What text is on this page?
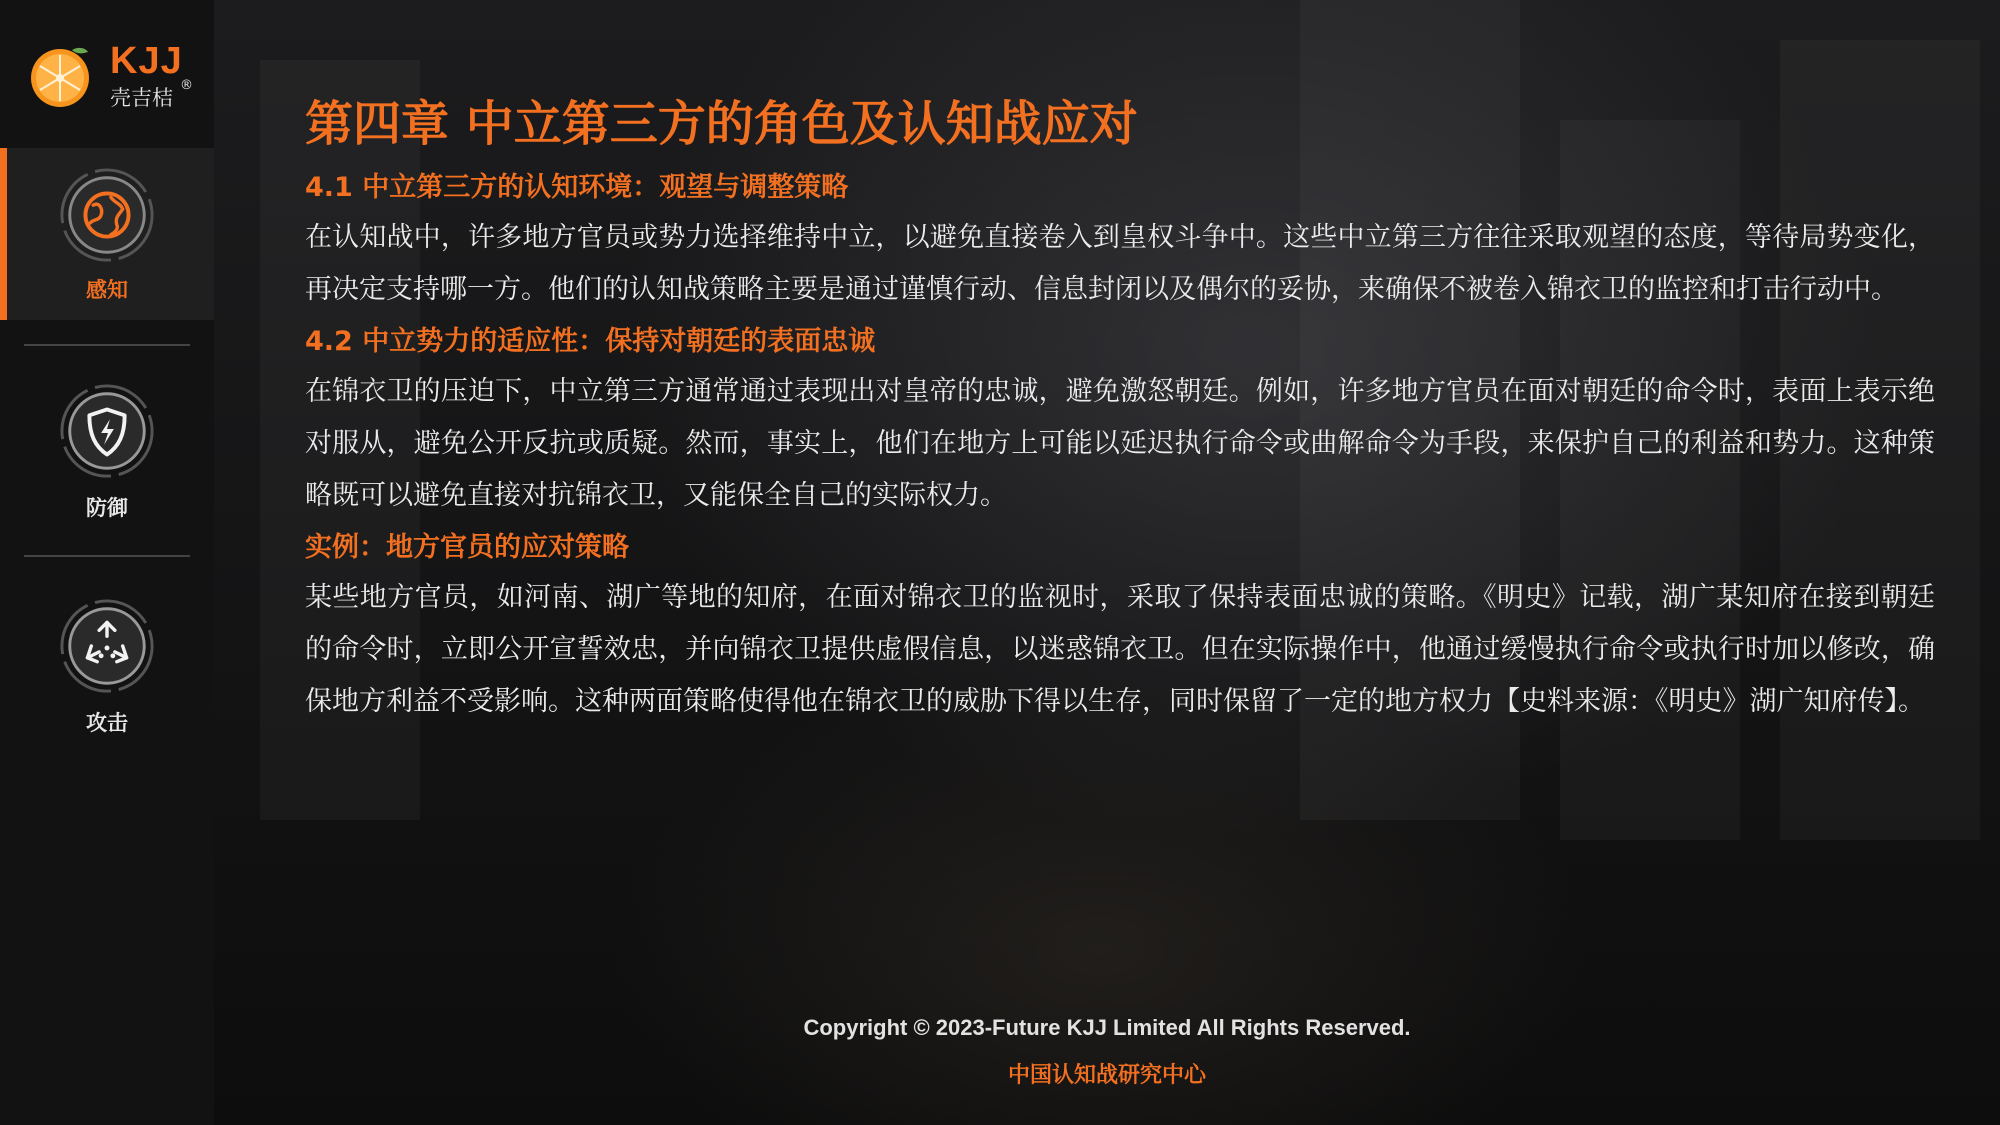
KJJ
壳吉桔
®
感知
防御
攻击
第四章 中立第三方的角色及认知战应对
4.1 中立第三方的认知环境：观望与调整策略

在认知战中，许多地方官员或势力选择维持中立，以避免直接卷入到皇权斗争中。这些中立第三方往往采取观望的态度，等待局势变化，再决定支持哪一方。他们的认知战策略主要是通过谨慎行动、信息封闭以及偶尔的妥协，来确保不被卷入锦衣卫的监控和打击行动中。

4.2 中立势力的适应性：保持对朝廷的表面忠诚

在锦衣卫的压迫下，中立第三方通常通过表现出对皇帝的忠诚，避免激怒朝廷。例如，许多地方官员在面对朝廷的命令时，表面上表示绝对服从，避免公开反抗或质疑。然而，事实上，他们在地方上可能以延迟执行命令或曲解命令为手段，来保护自己的利益和势力。这种策略既可以避免直接对抗锦衣卫，又能保全自己的实际权力。

实例：地方官员的应对策略

某些地方官员，如河南、湖广等地的知府，在面对锦衣卫的监视时，采取了保持表面忠诚的策略。《明史》记载，湖广某知府在接到朝廷的命令时，立即公开宣誓效忠，并向锦衣卫提供虚假信息，以迷惑锦衣卫。但在实际操作中，他通过缓慢执行命令或执行时加以修改，确保地方利益不受影响。这种两面策略使得他在锦衣卫的威胁下得以生存，同时保留了一定的地方权力【史料来源：《明史》湖广知府传】。

Copyright © 2023-Future KJJ Limited All Rights Reserved.
中国认知战研究中心
